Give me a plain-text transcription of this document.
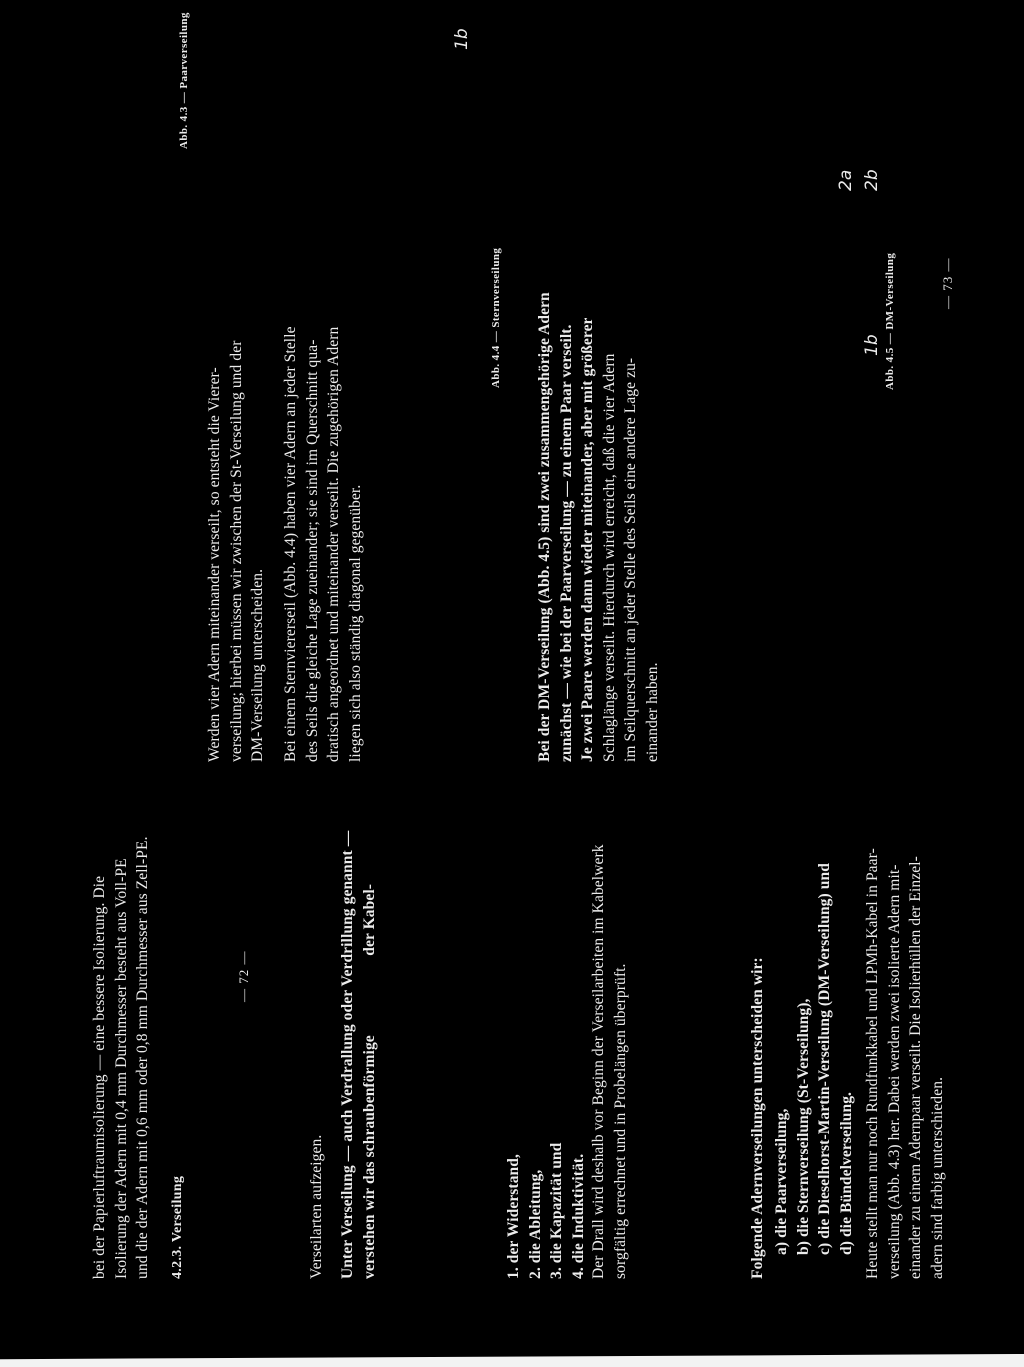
bei der Papierluftraumisolierung — eine bessere Isolierung. Die Isolierung der Adern mit 0,4 mm Durchmesser besteht aus Voll-PE und die der Adern mit 0,6 mm oder 0,8 mm Durchmesser aus Zell-PE. 4.2.3. Verseilung	Verseilarten aufzeigen. Unter Verseilung — auch Verdrallung oder Verdrillung genannt — verstehen wir das schraubenförmige                    der Kabel-	1. der Widerstand, 2. die Ableitung, 3. die Kapazität und 4. die Induktivität. Der Drall wird deshalb vor Beginn der Verseilarbeiten im Kabelwerk sorgfältig errechnet und in Probelängen überprüft.
— 72 —	Folgende Adernverseilungen unterscheiden wir: a) die Paarverseilung, b) die Sternverseilung (St-Verseilung), c) die Dieselhorst-Martin-Verseilung (DM-Verseilung) und d) die Bündelverseilung. Heute stellt man nur noch Rundfunkkabel und LPMh-Kabel in Paar- verseilung (Abb. 4.3) her. Dabei werden zwei isolierte Adern mit- einander zu einem Adernpaar verseilt. Die Isolierhüllen der Einzel- adern sind farbig unterschieden.
1b
Abb. 4.3 — Paarverseilung
Werden vier Adern miteinander verseilt, so entsteht die Vierer- verseilung; hierbei müssen wir zwischen der St-Verseilung und der DM-Verseilung unterscheiden. Bei einem Sternviererseil (Abb. 4.4) haben vier Adern an jeder Stelle des Seils die gleiche Lage zueinander; sie sind im Querschnitt qua- dratisch angeordnet und miteinander verseilt. Die zugehörigen Adern liegen sich also ständig diagonal gegenüber.
Abb. 4.4 — Sternverseilung Bei der DM-Verseilung (Abb. 4.5) sind zwei zusammengehörige Adern zunächst — wie bei der Paarverseilung — zu einem Paar verseilt. Je zwei Paare werden dann wieder miteinander, aber mit größerer Schlaglänge verseilt. Hierdurch wird erreicht, daß die vier Adern im Seilquerschnitt an jeder Stelle des Seils eine andere Lage zu- einander haben.
2a 2b
1b Abb. 4.5 — DM-Verseilung	— 73 —
